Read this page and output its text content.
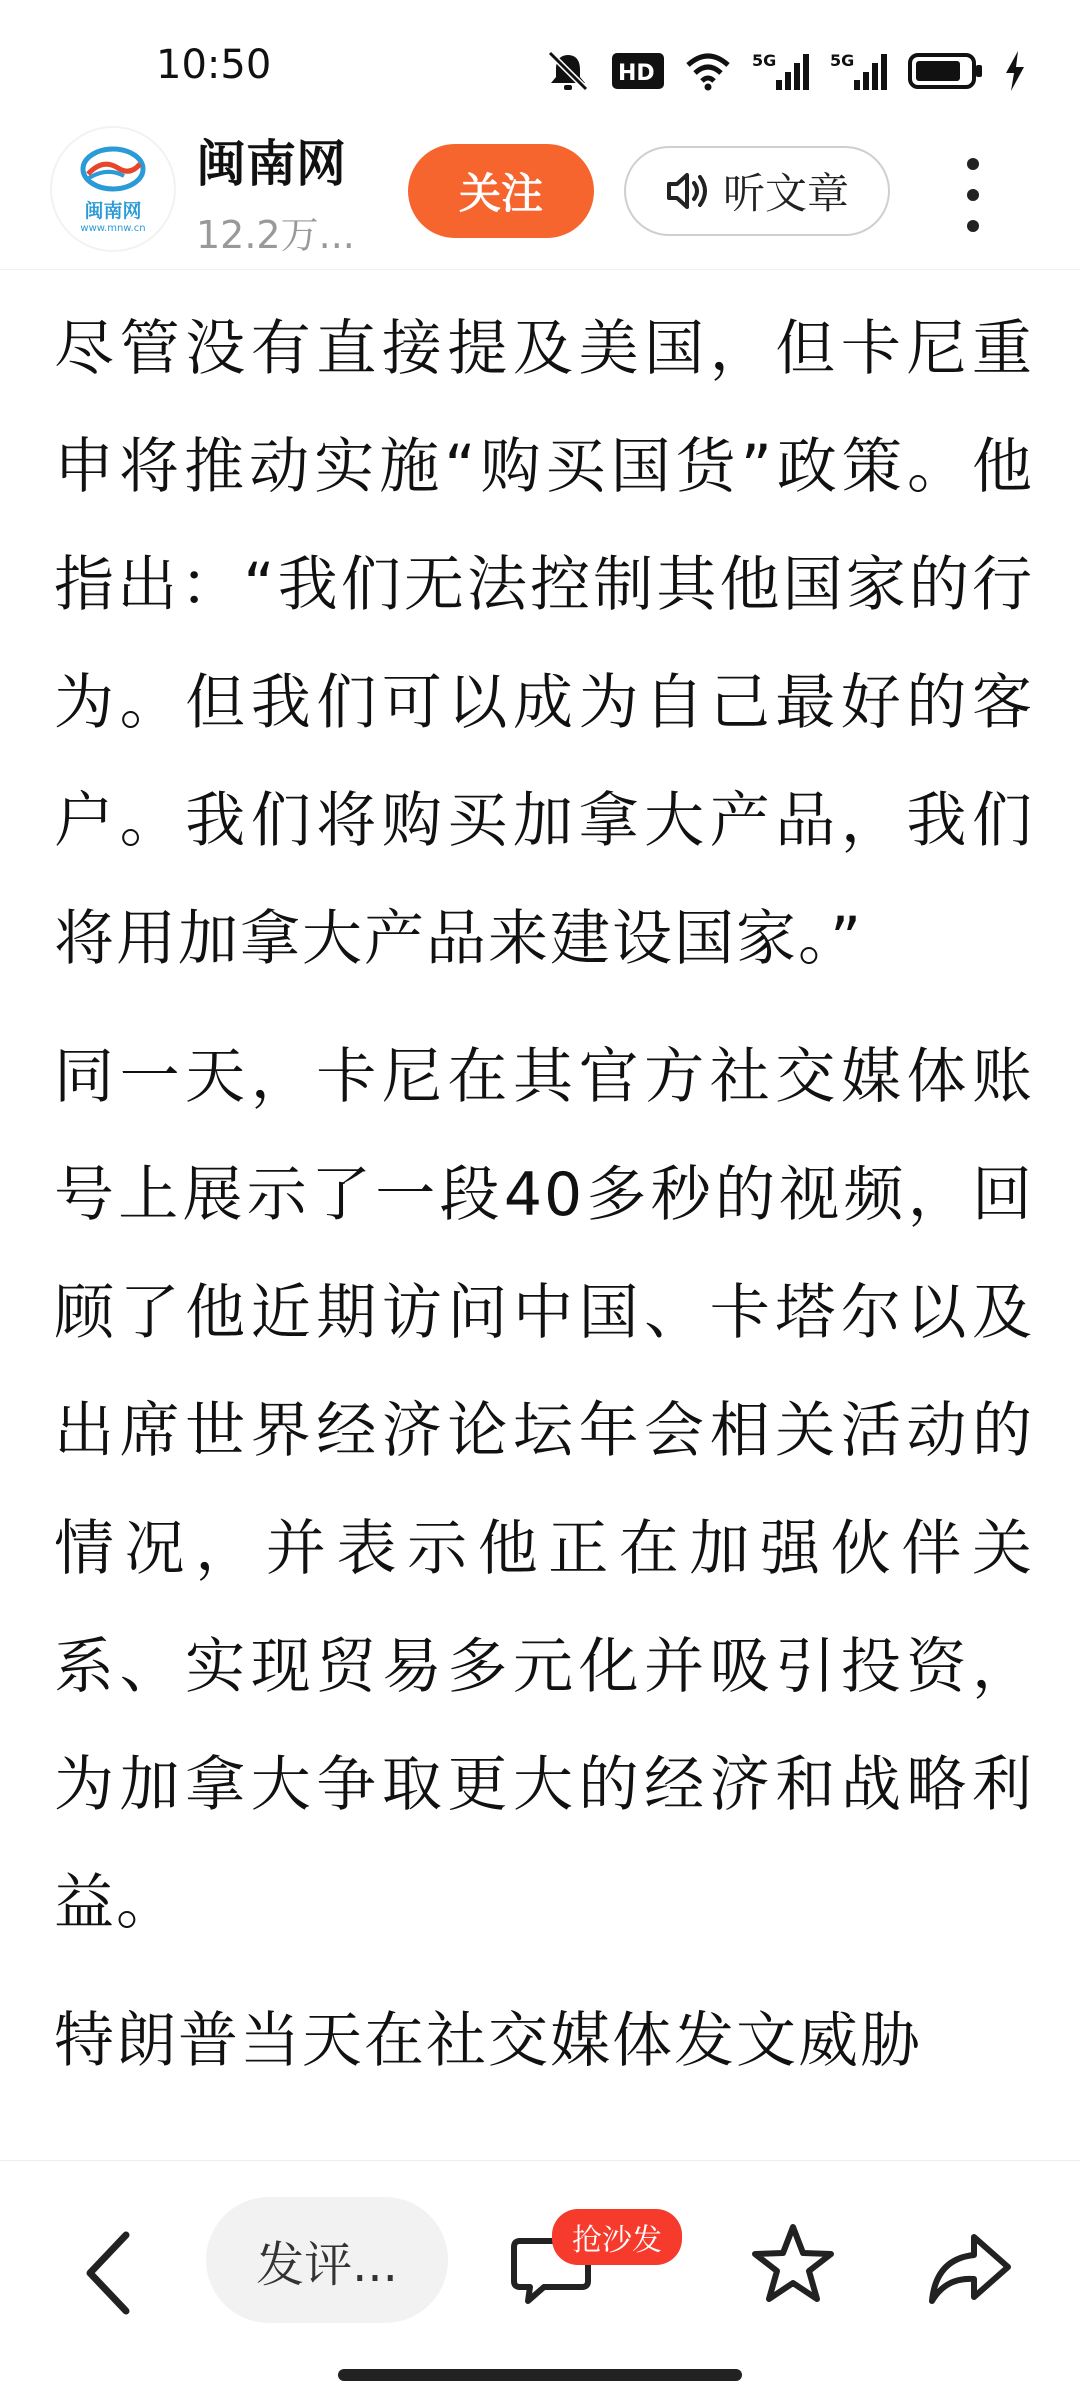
10:50	HD
5G	5G
闽南网
www.mnw.cn
闽南网
12.2万...
关注	听文章

尽管没有直接提及美国，但卡尼重申将推动实施“购买国货”政策。他指出：“我们无法控制其他国家的行为。但我们可以成为自己最好的客户。我们将购买加拿大产品，我们将用加拿大产品来建设国家。”

同一天，卡尼在其官方社交媒体账号上展示了一段40多秒的视频，回顾了他近期访问中国、卡塔尔以及出席世界经济论坛年会相关活动的情况，并表示他正在加强伙伴关系、实现贸易多元化并吸引投资，为加拿大争取更大的经济和战略利益。

特朗普当天在社交媒体发文威胁

发评...	抢沙发
